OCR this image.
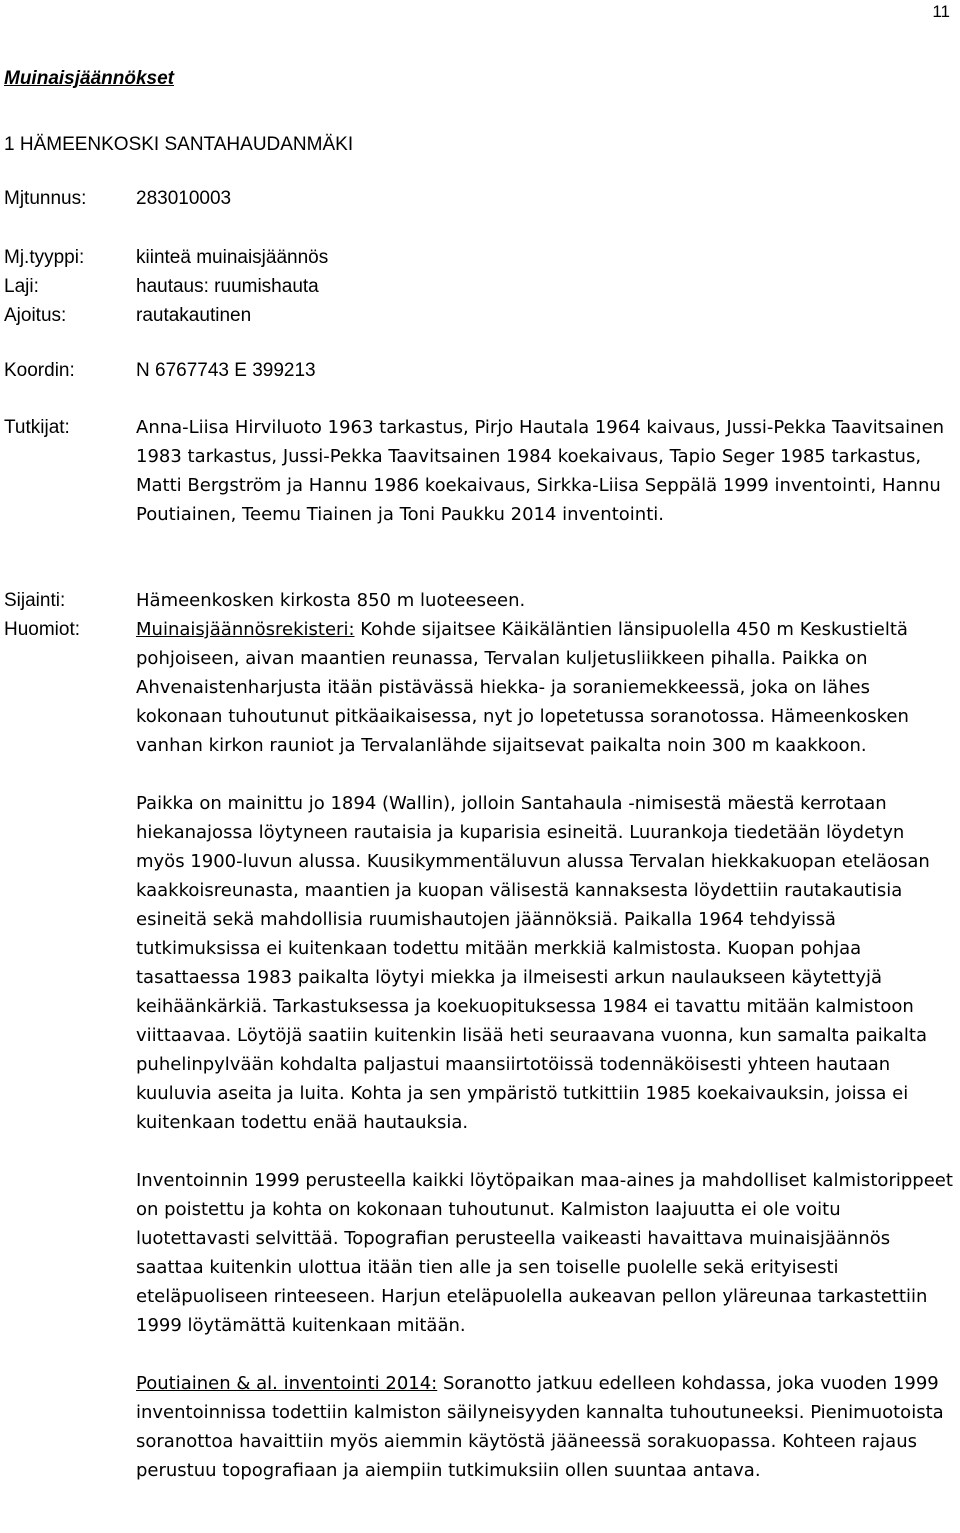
11
Muinaisjäännökset
1 HÄMEENKOSKI SANTAHAUDANMÄKI
Mjtunnus:	283010003
Mj.tyyppi:	kiinteä muinaisjäännös
Laji:	hautaus: ruumishauta
Ajoitus:	rautakautinen
Koordin:	N 6767743 E 399213
Tutkijat:	Anna-Liisa Hirviluoto 1963 tarkastus, Pirjo Hautala 1964 kaivaus, Jussi-Pekka Taavitsainen 1983 tarkastus, Jussi-Pekka Taavitsainen 1984 koekaivaus, Tapio Seger 1985 tarkastus, Matti Bergström ja Hannu 1986 koekaivaus, Sirkka-Liisa Seppälä 1999 inventointi, Hannu Poutiainen, Teemu Tiainen ja Toni Paukku 2014 inventointi.
Sijainti:	Hämeenkosken kirkosta 850 m luoteeseen.
Huomiot:	Muinaisjäännösrekisteri: Kohde sijaitsee Käikäläntien länsipuolella 450 m Keskustieltä pohjoiseen, aivan maantien reunassa, Tervalan kuljetusliikkeen pihalla. Paikka on Ahvenaistenharjusta itään pistävässä hiekka- ja soraniemekkeessä, joka on lähes kokonaan tuhoutunut pitkäaikaisessa, nyt jo lopetetussa soranotossa. Hämeenkosken vanhan kirkon rauniot ja Tervalanlähde sijaitsevat paikalta noin 300 m kaakkoon.

Paikka on mainittu jo 1894 (Wallin), jolloin Santahaula -nimisestä mäestä kerrotaan hiekanajossa löytyneen rautaisia ja kuparisia esineitä. Luurankoja tiedetään löydetyn myös 1900-luvun alussa. Kuusikymmentäluvun alussa Tervalan hiekkakuopan eteläosan kaakkoisreunasta, maantien ja kuopan välisestä kannaksesta löydettiin rautakautisia esineitä sekä mahdollisia ruumishautojen jäännöksiä. Paikalla 1964 tehdyissä tutkimuksissa ei kuitenkaan todettu mitään merkkiä kalmistosta. Kuopan pohjaa tasattaessa 1983 paikalta löytyi miekka ja ilmeisesti arkun naulaukseen käytettyjä keihäänkärkiä. Tarkastuksessa ja koekuopituksessa 1984 ei tavattu mitään kalmistoon viittaavaa. Löytöjä saatiin kuitenkin lisää heti seuraavana vuonna, kun samalta paikalta puhelinpylvään kohdalta paljastui maansiirtotöissä todennäköisesti yhteen hautaan kuuluvia aseita ja luita. Kohta ja sen ympäristö tutkittiin 1985 koekaivauksin, joissa ei kuitenkaan todettu enää hautauksia.

Inventoinnin 1999 perusteella kaikki löytöpaikan maa-aines ja mahdolliset kalmistorippeet on poistettu ja kohta on kokonaan tuhoutunut. Kalmiston laajuutta ei ole voitu luotettavasti selvittää. Topografian perusteella vaikeasti havaittava muinaisjäännös saattaa kuitenkin ulottua itään tien alle ja sen toiselle puolelle sekä erityisesti eteläpuoliseen rinteeseen. Harjun eteläpuolella aukeavan pellon yläreunaa tarkastettiin 1999 löytämättä kuitenkaan mitään.

Poutiainen & al. inventointi 2014: Soranotto jatkuu edelleen kohdassa, joka vuoden 1999 inventoinnissa todettiin kalmiston säilyneisyyden kannalta tuhoutuneeksi. Pienimuotoista soranottoa havaittiin myös aiemmin käytöstä jääneessä sorakuopassa. Kohteen rajaus perustuu topografiaan ja aiempiin tutkimuksiin ollen suuntaa antava.
